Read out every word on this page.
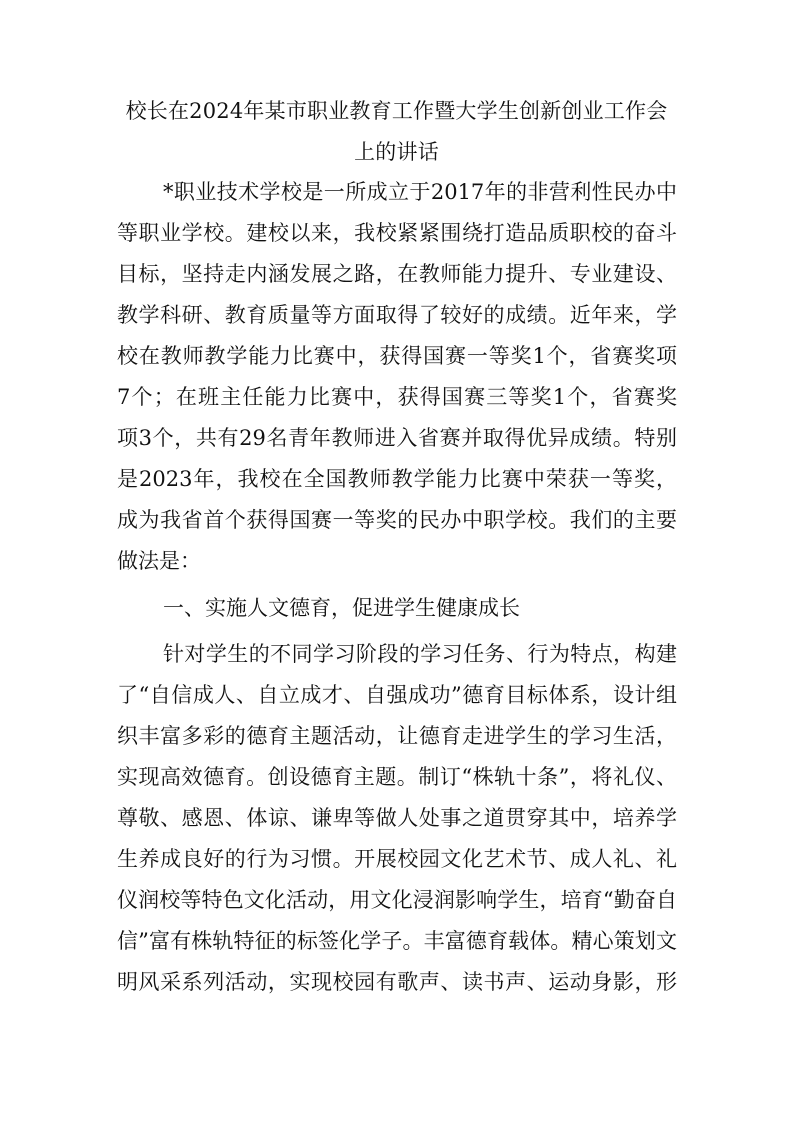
校长在2024年某市职业教育工作暨大学生创新创业工作会
上的讲话
*职业技术学校是一所成立于2017年的非营利性民办中
等职业学校。建校以来，我校紧紧围绕打造品质职校的奋斗
目标，坚持走内涵发展之路，在教师能力提升、专业建设、
教学科研、教育质量等方面取得了较好的成绩。近年来，学
校在教师教学能力比赛中，获得国赛一等奖1个，省赛奖项
7个；在班主任能力比赛中，获得国赛三等奖1个，省赛奖
项3个，共有29名青年教师进入省赛并取得优异成绩。特别
是2023年，我校在全国教师教学能力比赛中荣获一等奖，
成为我省首个获得国赛一等奖的民办中职学校。我们的主要
做法是：
一、实施人文德育，促进学生健康成长
针对学生的不同学习阶段的学习任务、行为特点，构建
了“自信成人、自立成才、自强成功”德育目标体系，设计组
织丰富多彩的德育主题活动，让德育走进学生的学习生活，
实现高效德育。创设德育主题。制订“株轨十条”，将礼仪、
尊敬、感恩、体谅、谦卑等做人处事之道贯穿其中，培养学
生养成良好的行为习惯。开展校园文化艺术节、成人礼、礼
仪润校等特色文化活动，用文化浸润影响学生，培育“勤奋自
信”富有株轨特征的标签化学子。丰富德育载体。精心策划文
明风采系列活动，实现校园有歌声、读书声、运动身影，形
